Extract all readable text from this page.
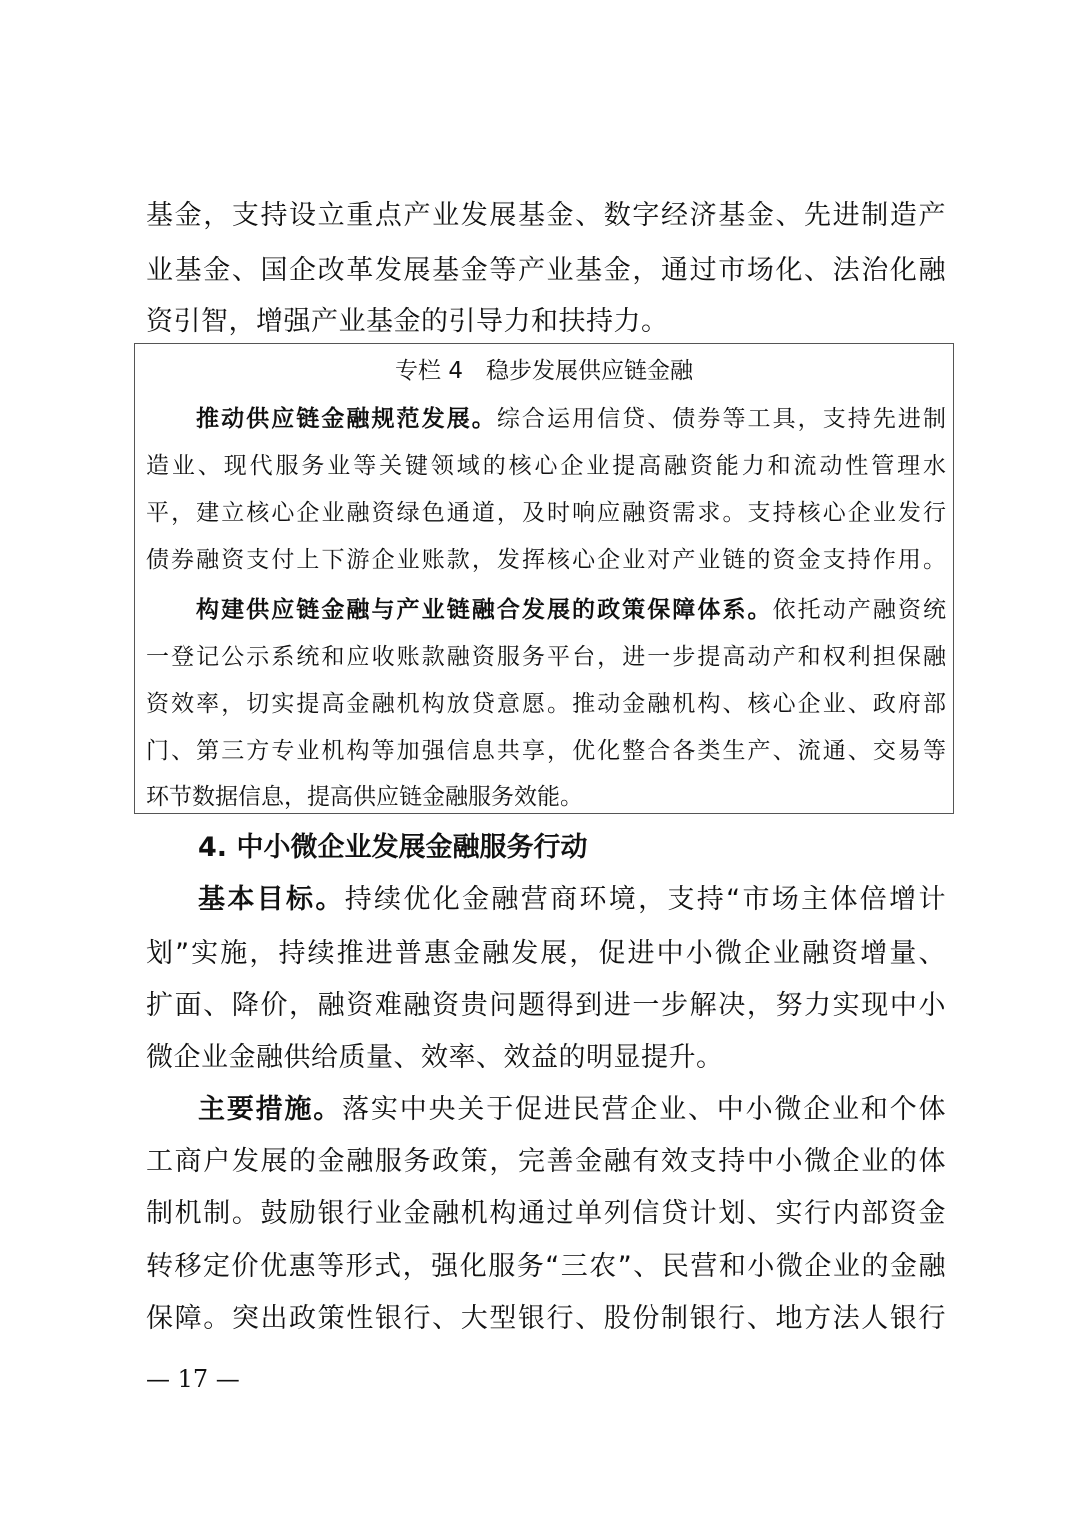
基金，支持设立重点产业发展基金、数字经济基金、先进制造产
业基金、国企改革发展基金等产业基金，通过市场化、法治化融
资引智，增强产业基金的引导力和扶持力。
专栏 4　稳步发展供应链金融
推动供应链金融规范发展。综合运用信贷、债券等工具，支持先进制
造业、现代服务业等关键领域的核心企业提高融资能力和流动性管理水
平，建立核心企业融资绿色通道，及时响应融资需求。支持核心企业发行
债券融资支付上下游企业账款，发挥核心企业对产业链的资金支持作用。
构建供应链金融与产业链融合发展的政策保障体系。依托动产融资统
一登记公示系统和应收账款融资服务平台，进一步提高动产和权利担保融
资效率，切实提高金融机构放贷意愿。推动金融机构、核心企业、政府部
门、第三方专业机构等加强信息共享，优化整合各类生产、流通、交易等
环节数据信息，提高供应链金融服务效能。
4. 中小微企业发展金融服务行动
基本目标。持续优化金融营商环境，支持“市场主体倍增计
划”实施，持续推进普惠金融发展，促进中小微企业融资增量、
扩面、降价，融资难融资贵问题得到进一步解决，努力实现中小
微企业金融供给质量、效率、效益的明显提升。
主要措施。落实中央关于促进民营企业、中小微企业和个体
工商户发展的金融服务政策，完善金融有效支持中小微企业的体
制机制。鼓励银行业金融机构通过单列信贷计划、实行内部资金
转移定价优惠等形式，强化服务“三农”、民营和小微企业的金融
保障。突出政策性银行、大型银行、股份制银行、地方法人银行
— 17 —
